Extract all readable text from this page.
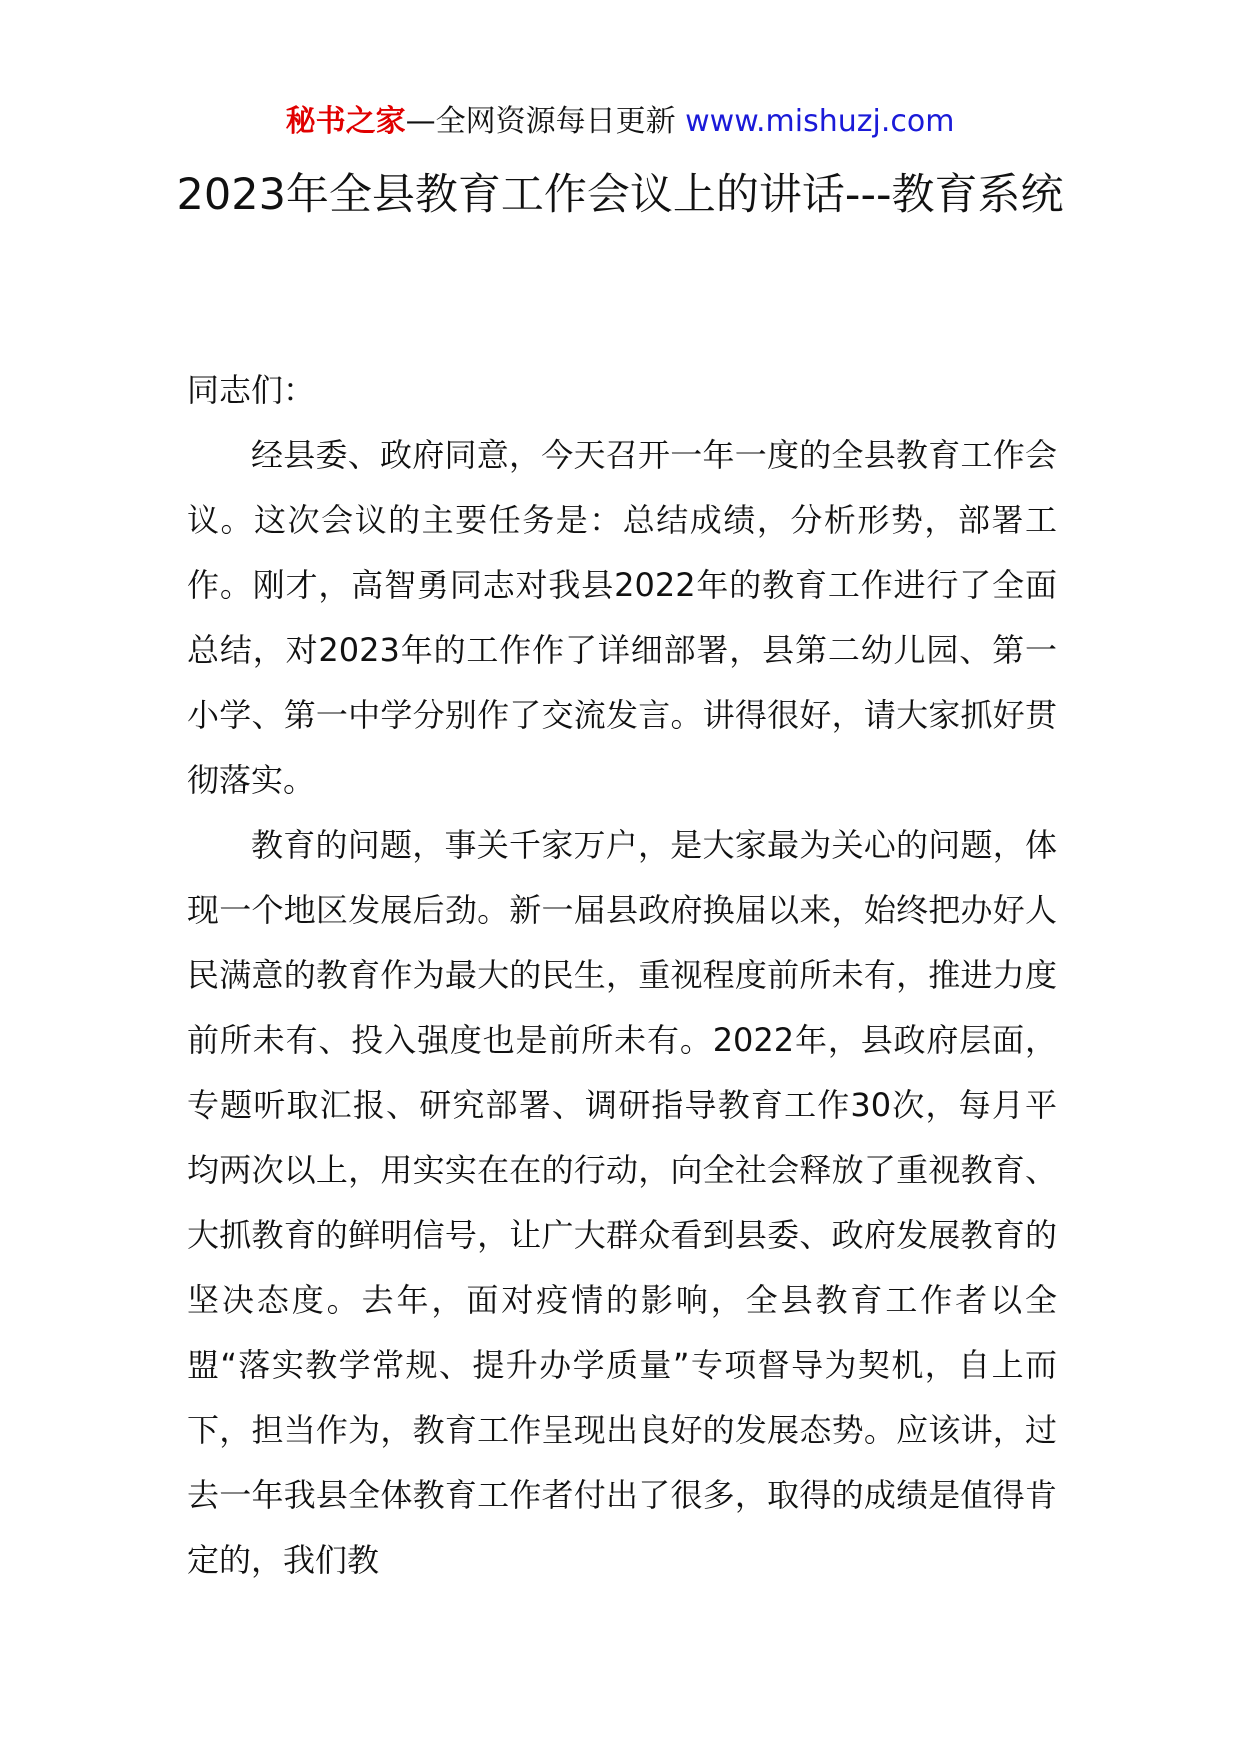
秘书之家—全网资源每日更新 www.mishuzj.com
2023年全县教育工作会议上的讲话---教育系统

同志们：

经县委、政府同意，今天召开一年一度的全县教育工作会议。这次会议的主要任务是：总结成绩，分析形势，部署工作。刚才，高智勇同志对我县2022年的教育工作进行了全面总结，对2023年的工作作了详细部署，县第二幼儿园、第一小学、第一中学分别作了交流发言。讲得很好，请大家抓好贯彻落实。

教育的问题，事关千家万户，是大家最为关心的问题，体现一个地区发展后劲。新一届县政府换届以来，始终把办好人民满意的教育作为最大的民生，重视程度前所未有，推进力度前所未有、投入强度也是前所未有。2022年，县政府层面，专题听取汇报、研究部署、调研指导教育工作30次，每月平均两次以上，用实实在在的行动，向全社会释放了重视教育、大抓教育的鲜明信号，让广大群众看到县委、政府发展教育的坚决态度。去年，面对疫情的影响，全县教育工作者以全盟“落实教学常规、提升办学质量”专项督导为契机，自上而下，担当作为，教育工作呈现出良好的发展态势。应该讲，过去一年我县全体教育工作者付出了很多，取得的成绩是值得肯定的，我们教
